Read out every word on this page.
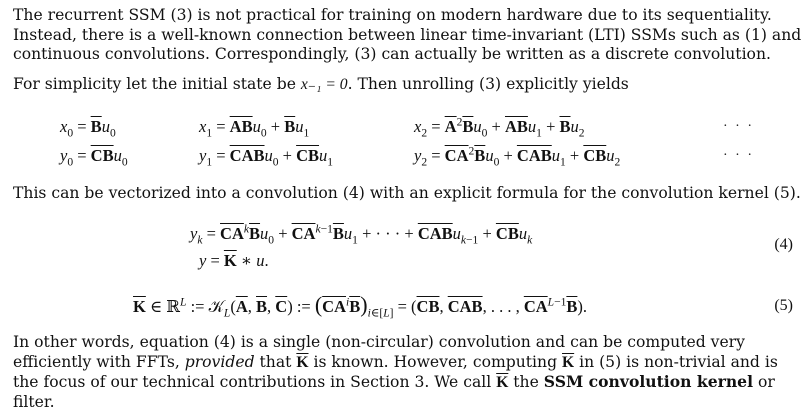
The recurrent SSM (3) is not practical for training on modern hardware due to its sequentiality. Instead, there is a well-known connection between linear time-invariant (LTI) SSMs such as (1) and continuous convolutions. Correspondingly, (3) can actually be written as a discrete convolution.

For simplicity let the initial state be x₋₁ = 0. Then unrolling (3) explicitly yields

$x_0 = \overline{B}u_0$	$x_1 = \overline{AB}u_0 + \overline{B}u_1$	$x_2 = \overline{A}^2\overline{B}u_0 + \overline{AB}u_1 + \overline{B}u_2$	· · ·
$y_0 = \overline{CB}u_0$	$y_1 = \overline{CAB}u_0 + \overline{CB}u_1$	$y_2 = \overline{CA}^2\overline{B}u_0 + \overline{CAB}u_1 + \overline{CB}u_2$	· · ·

This can be vectorized into a convolution (4) with an explicit formula for the convolution kernel (5).

$y_k = \overline{CA}^k\overline{B}u_0 + \overline{CA}^{k-1}\overline{B}u_1$ + · · · + $\overline{CAB}u_{k-1} + \overline{CB}u_k$	(4)
$y = \overline{K}$ ∗ u.
$\overline{K}$ ∈ ℝ$^L$ := $𝒦_L(\overline{A}$, $\overline{B}$, $\overline{C}$) := $(\overline{CA}^i\overline{B})_{i\in[L]} = (\overline{CB}$, $\overline{CAB}$, . . . , $\overline{CA}^{L-1}\overline{B}$).	(5)

In other words, equation (4) is a single (non-circular) convolution and can be computed very efficiently with FFTs, provided that $\overline{K}$ is known. However, computing $\overline{K}$ in (5) is non-trivial and is the focus of our technical contributions in Section 3. We call $\overline{K}$ the SSM convolution kernel or filter.
